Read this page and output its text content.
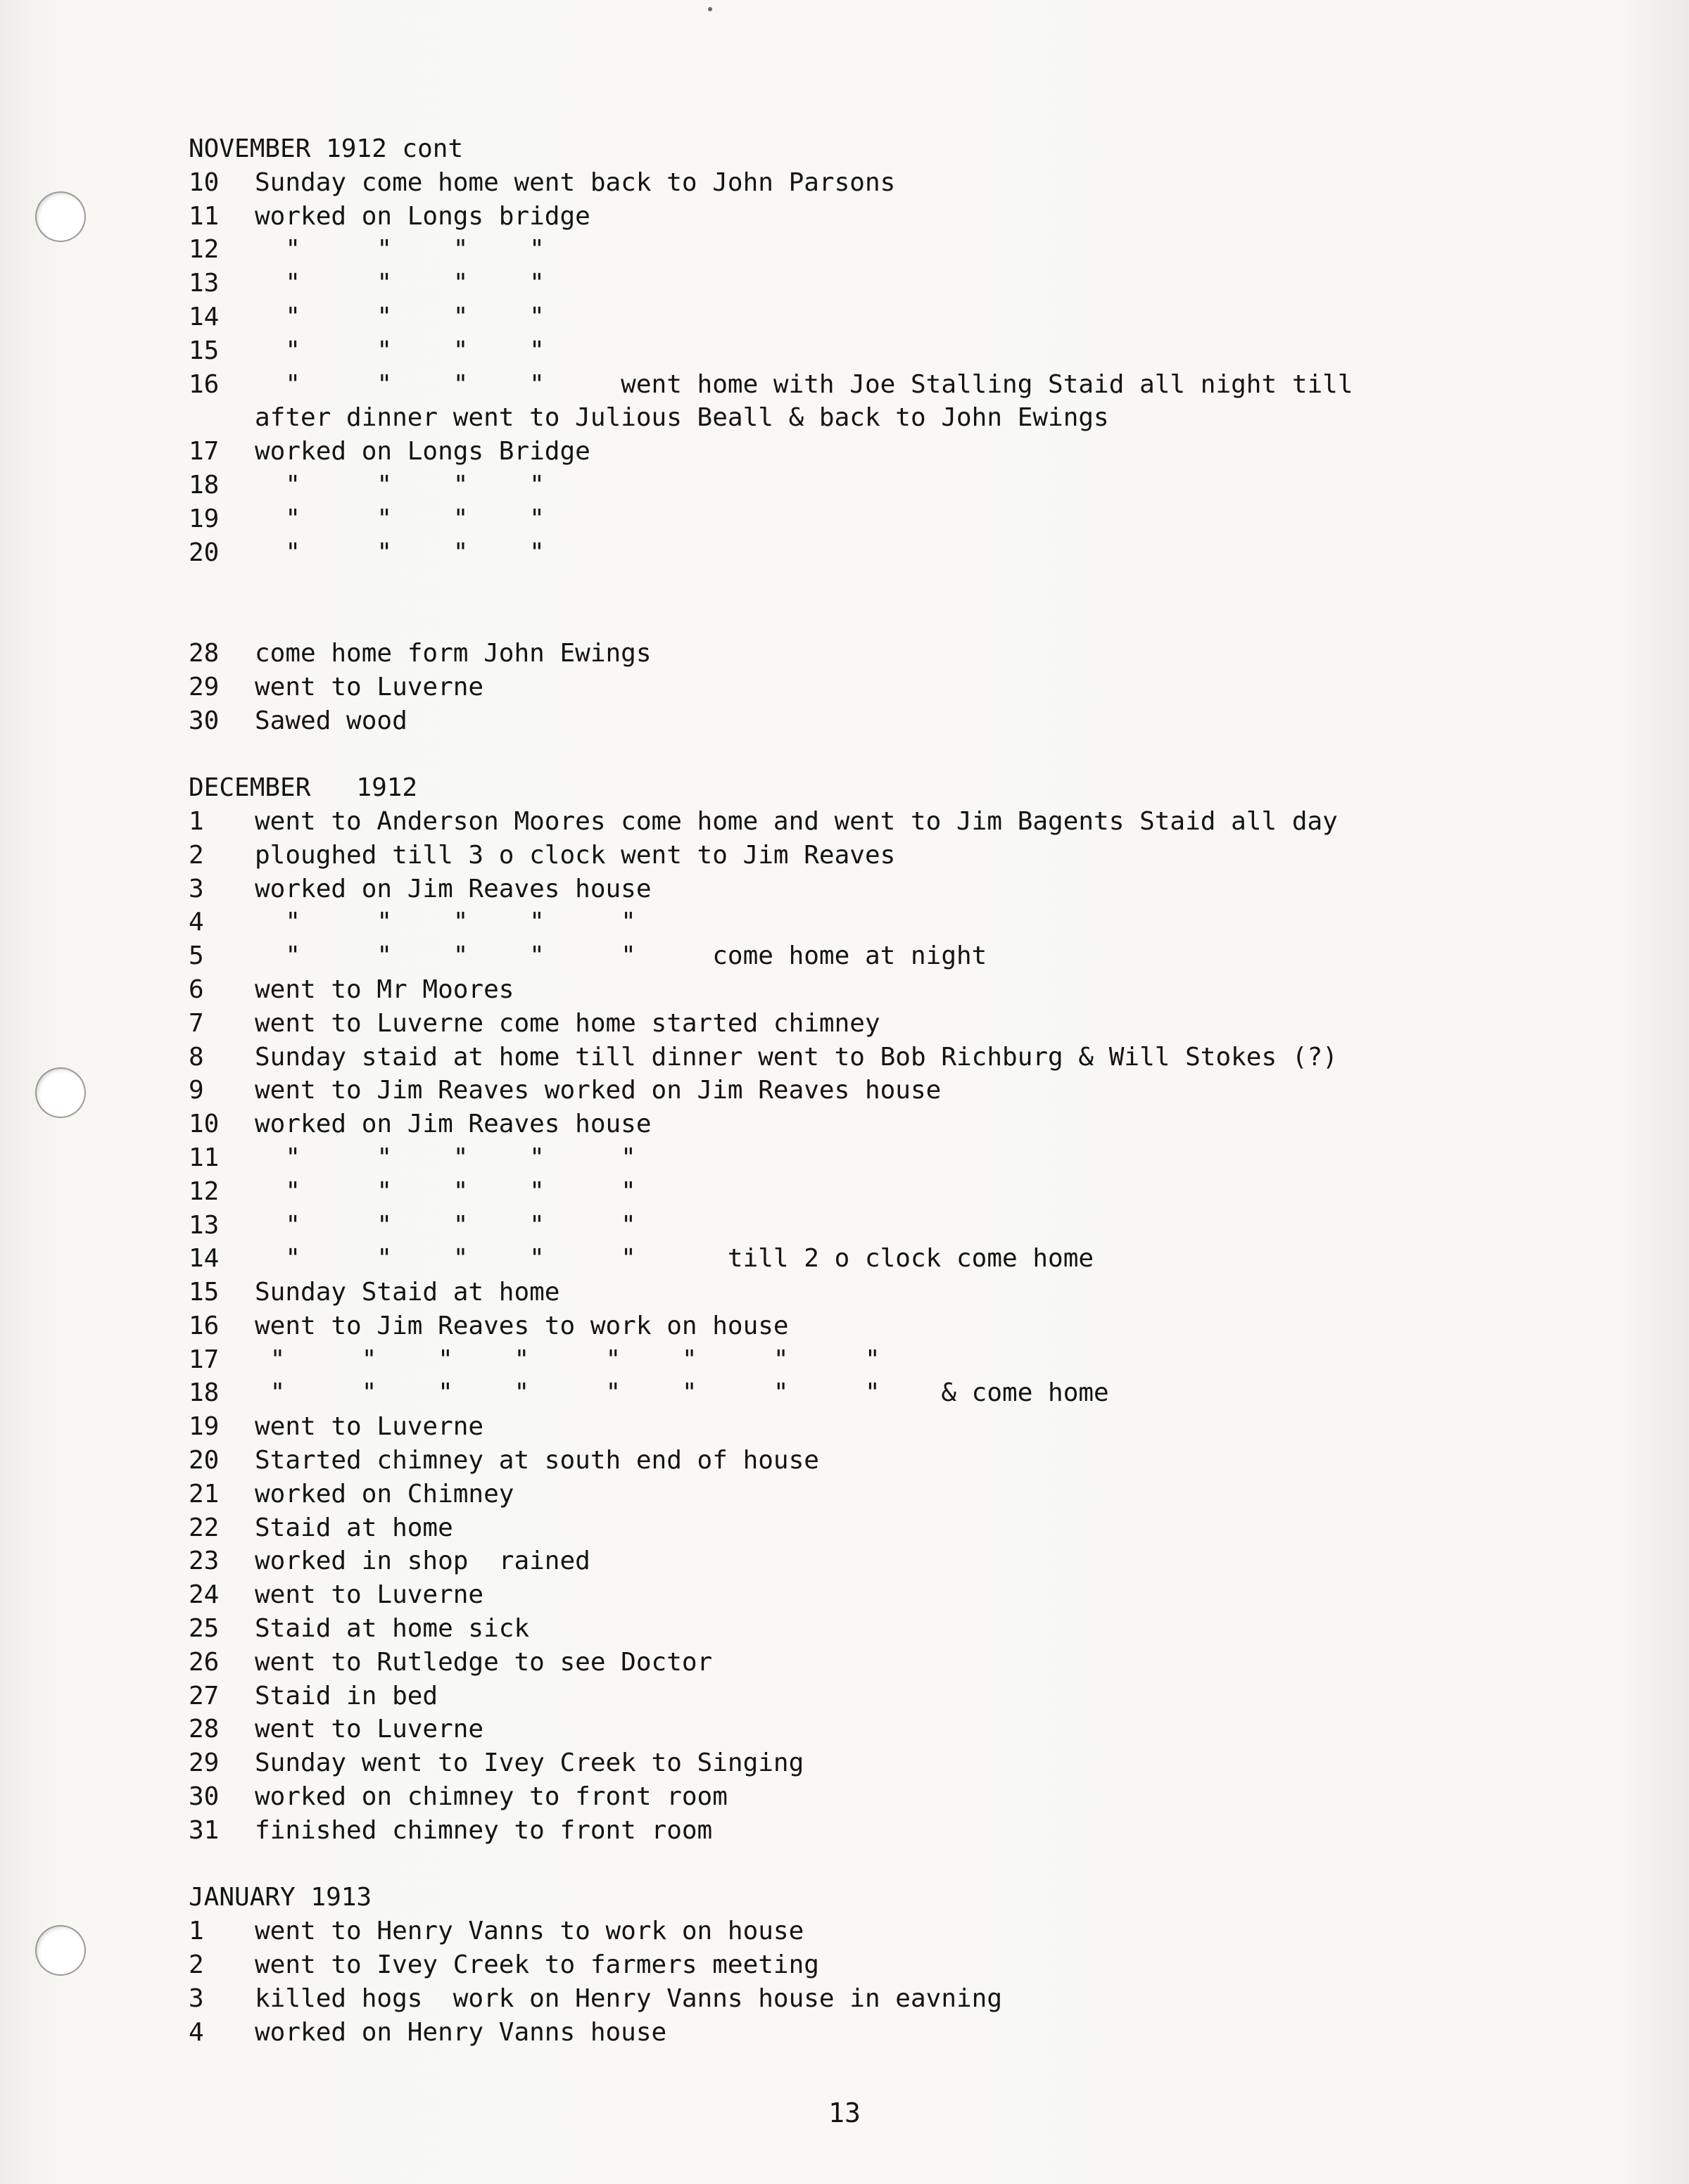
NOVEMBER 1912 cont
10	Sunday come home went back to John Parsons
11	worked on Longs bridge
12	"     "    "    "
13	"     "    "    "
14	"     "    "    "
15	"     "    "    "
16	"     "    "    "     went home with Joe Stalling Staid all night till
after dinner went to Julious Beall & back to John Ewings
17	worked on Longs Bridge
18	"     "    "    "
19	"     "    "    "
20	"     "    "    "
28	come home form John Ewings
29	went to Luverne
30	Sawed wood
DECEMBER   1912
1	went to Anderson Moores come home and went to Jim Bagents Staid all day
2	ploughed till 3 o clock went to Jim Reaves
3	worked on Jim Reaves house
4	"     "    "    "     "
5	"     "    "    "     "     come home at night
6	went to Mr Moores
7	went to Luverne come home started chimney
8	Sunday staid at home till dinner went to Bob Richburg & Will Stokes (?)
9	went to Jim Reaves worked on Jim Reaves house
10	worked on Jim Reaves house
11	"     "    "    "     "
12	"     "    "    "     "
13	"     "    "    "     "
14	"     "    "    "     "      till 2 o clock come home
15	Sunday Staid at home
16	went to Jim Reaves to work on house
17	"     "    "    "     "    "     "     "
18	"     "    "    "     "    "     "     "    & come home
19	went to Luverne
20	Started chimney at south end of house
21	worked on Chimney
22	Staid at home
23	worked in shop  rained
24	went to Luverne
25	Staid at home sick
26	went to Rutledge to see Doctor
27	Staid in bed
28	went to Luverne
29	Sunday went to Ivey Creek to Singing
30	worked on chimney to front room
31	finished chimney to front room
JANUARY 1913
1	went to Henry Vanns to work on house
2	went to Ivey Creek to farmers meeting
3	killed hogs  work on Henry Vanns house in eavning
4	worked on Henry Vanns house
13
